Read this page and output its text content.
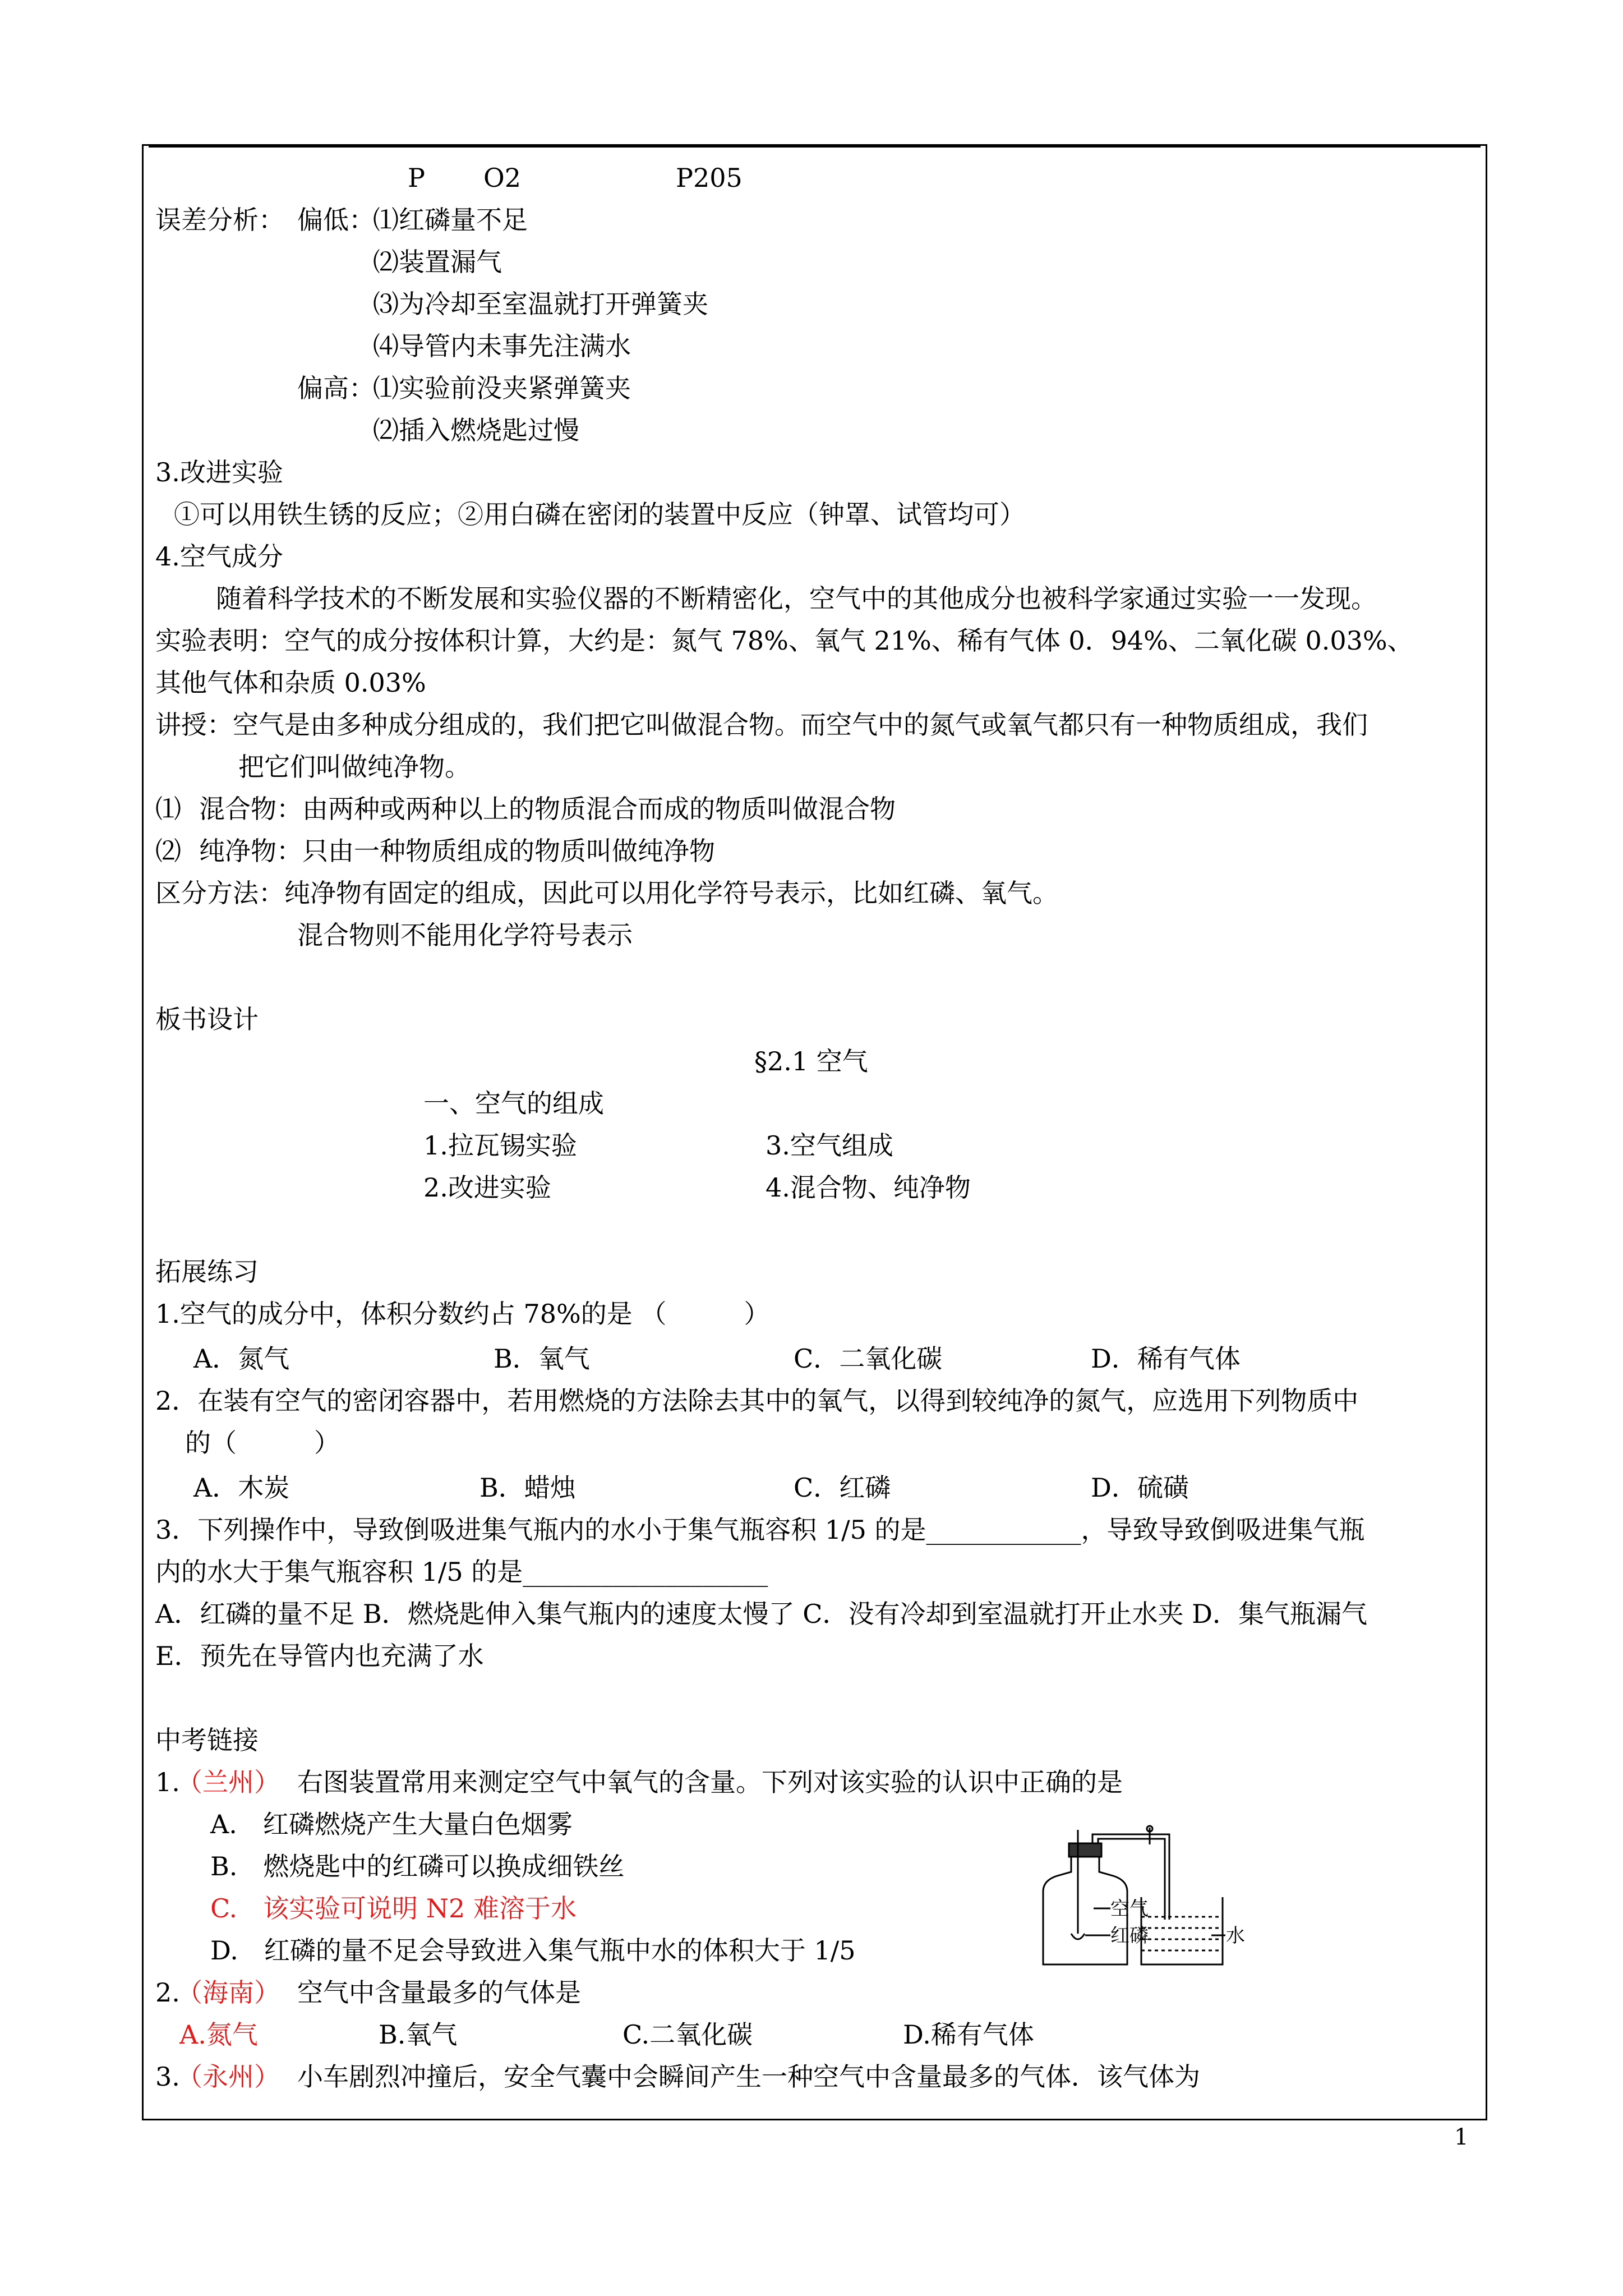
P O2	P205
误差分析： 偏低：
⑴红磷量不足
⑵装置漏气
⑶为冷却至室温就打开弹簧夹
⑷导管内未事先注满水
偏高：
⑴实验前没夹紧弹簧夹
⑵插入燃烧匙过慢
3.改进实验
①可以用铁生锈的反应；②用白磷在密闭的装置中反应（钟罩、试管均可）
4.空气成分
随着科学技术的不断发展和实验仪器的不断精密化，空气中的其他成分也被科学家通过实验一一发现。
实验表明：空气的成分按体积计算，大约是：氮气 78%、氧气 21%、稀有气体 0．94%、二氧化碳 0.03%、
其他气体和杂质 0.03%
讲授：空气是由多种成分组成的，我们把它叫做混合物。而空气中的氮气或氧气都只有一种物质组成，我们
把它们叫做纯净物。
⑴ 混合物：由两种或两种以上的物质混合而成的物质叫做混合物
⑵ 纯净物：只由一种物质组成的物质叫做纯净物
区分方法：纯净物有固定的组成，因此可以用化学符号表示，比如红磷、氧气。
混合物则不能用化学符号表示
板书设计
§2.1 空气
一、空气的组成
1.拉瓦锡实验	3.空气组成
2.改进实验	4.混合物、纯净物
拓展练习
1.空气的成分中，体积分数约占 78%的是 （　　　）
A．氮气	B．氧气	C．二氧化碳	D．稀有气体
2．在装有空气的密闭容器中，若用燃烧的方法除去其中的氧气，以得到较纯净的氮气，应选用下列物质中
的（　　　）
A．木炭	B．蜡烛	C．红磷	D．硫磺
3．下列操作中，导致倒吸进集气瓶内的水小于集气瓶容积 1/5 的是____________，导致导致倒吸进集气瓶
内的水大于集气瓶容积 1/5 的是___________________
A．红磷的量不足 B．燃烧匙伸入集气瓶内的速度太慢了 C．没有冷却到室温就打开止水夹 D．集气瓶漏气
E．预先在导管内也充满了水
中考链接
1.
（兰州） 右图装置常用来测定空气中氧气的含量。下列对该实验的认识中正确的是
A.　红磷燃烧产生大量白色烟雾
B.　燃烧匙中的红磷可以换成细铁丝
C.　该实验可说明 N2 难溶于水
D.　红磷的量不足会导致进入集气瓶中水的体积大于 1/5
2.
（海南） 空气中含量最多的气体是
A.氮气	B.氧气	C.二氧化碳	D.稀有气体
3.
（永州） 小车剧烈冲撞后，安全气囊中会瞬间产生一种空气中含量最多的气体．该气体为
空气
红磷	水
1
